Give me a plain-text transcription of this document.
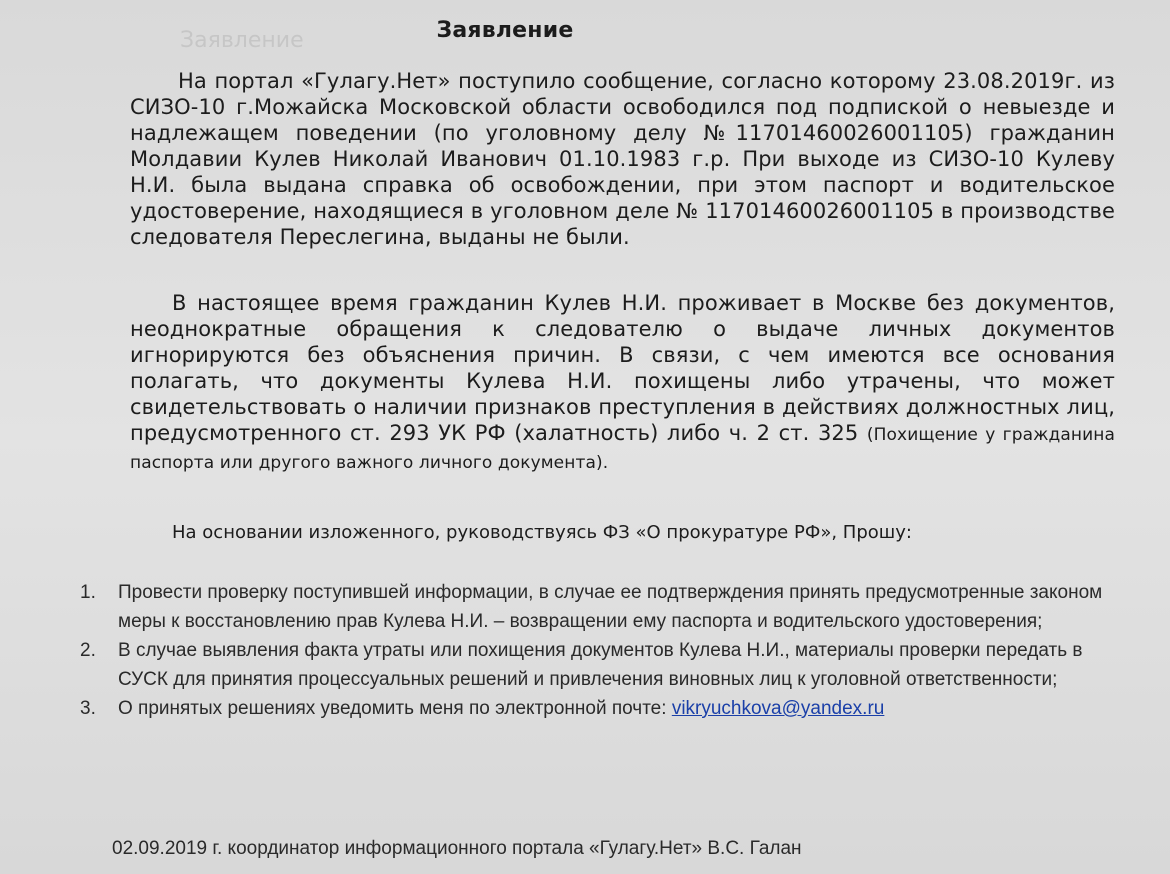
Заявление	Заявление
На портал «Гулагу.Нет» поступило сообщение, согласно которому 23.08.2019г. из СИЗО-10 г.Можайска Московской области освободился под подпиской о невыезде и надлежащем поведении (по уголовному делу №11701460026001105) гражданин Молдавии Кулев Николай Иванович 01.10.1983 г.р. При выходе из СИЗО-10 Кулеву Н.И. была выдана справка об освобождении, при этом паспорт и водительское удостоверение, находящиеся в уголовном деле № 11701460026001105 в производстве следователя Переслегина, выданы не были.
В настоящее время гражданин Кулев Н.И. проживает в Москве без документов, неоднократные обращения к следователю о выдаче личных документов игнорируются без объяснения причин. В связи, с чем имеются все основания полагать, что документы Кулева Н.И. похищены либо утрачены, что может свидетельствовать о наличии признаков преступления в действиях должностных лиц, предусмотренного ст. 293 УК РФ (халатность) либо ч. 2 ст. 325 (Похищение у гражданина паспорта или другого важного личного документа).
На основании изложенного, руководствуясь ФЗ «О прокуратуре РФ», Прошу:
1. Провести проверку поступившей информации, в случае ее подтверждения принять предусмотренные законом меры к восстановлению прав Кулева Н.И. – возвращении ему паспорта и водительского удостоверения;
2. В случае выявления факта утраты или похищения документов Кулева Н.И., материалы проверки передать в СУСК для принятия процессуальных решений и привлечения виновных лиц к уголовной ответственности;
3. О принятых решениях уведомить меня по электронной почте: vikryuchkova@yandex.ru
02.09.2019 г. координатор информационного портала «Гулагу.Нет» В.С. Галан
